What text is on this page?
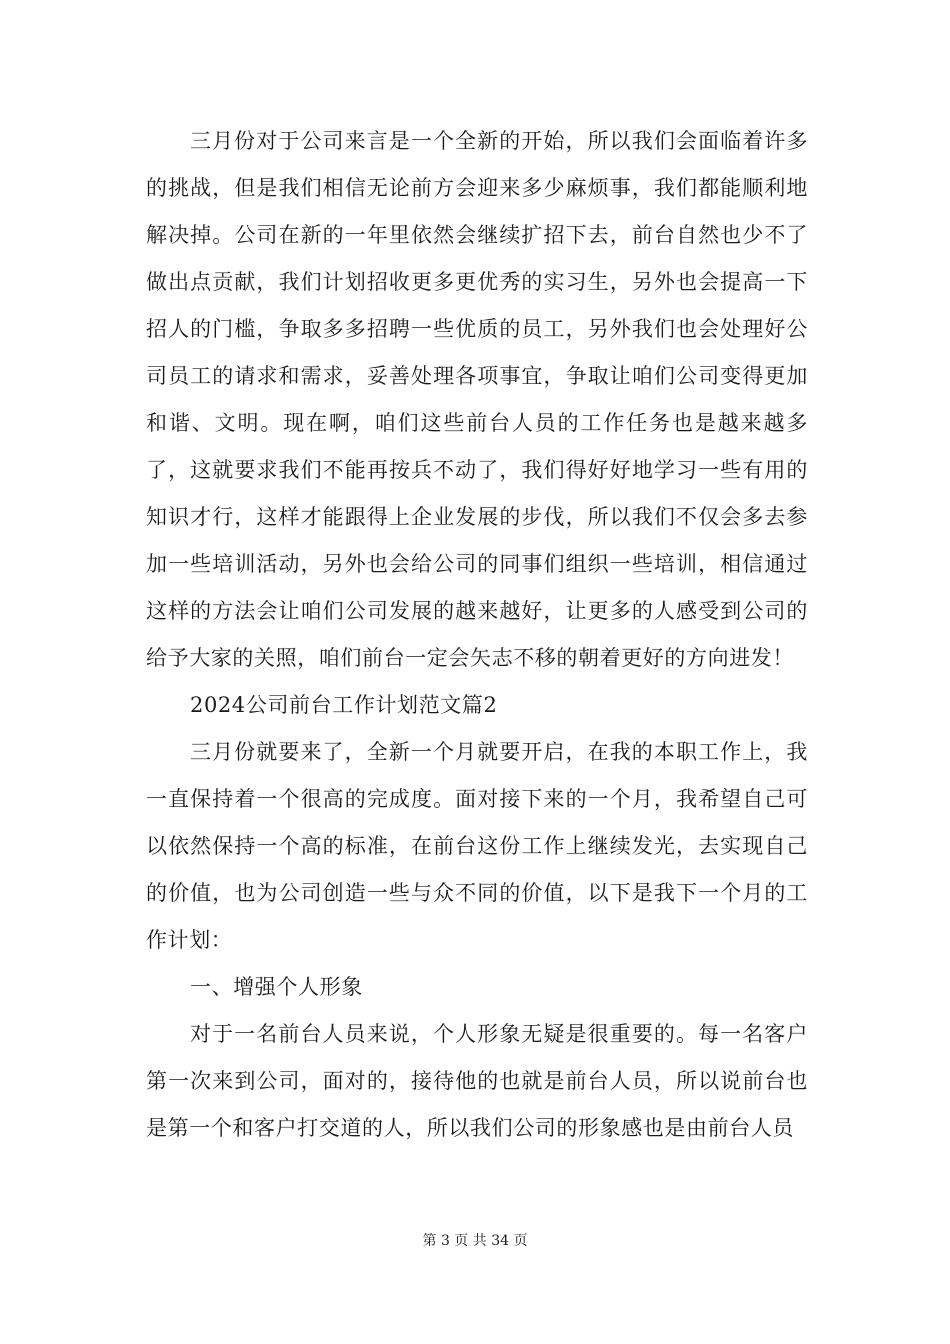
三月份对于公司来言是一个全新的开始，所以我们会面临着许多的挑战，但是我们相信无论前方会迎来多少麻烦事，我们都能顺利地解决掉。公司在新的一年里依然会继续扩招下去，前台自然也少不了做出点贡献，我们计划招收更多更优秀的实习生，另外也会提高一下招人的门槛，争取多多招聘一些优质的员工，另外我们也会处理好公司员工的请求和需求，妥善处理各项事宜，争取让咱们公司变得更加和谐、文明。现在啊，咱们这些前台人员的工作任务也是越来越多了，这就要求我们不能再按兵不动了，我们得好好地学习一些有用的知识才行，这样才能跟得上企业发展的步伐，所以我们不仅会多去参加一些培训活动，另外也会给公司的同事们组织一些培训，相信通过这样的方法会让咱们公司发展的越来越好，让更多的人感受到公司的给予大家的关照，咱们前台一定会矢志不移的朝着更好的方向进发！

2024公司前台工作计划范文篇2

三月份就要来了，全新一个月就要开启，在我的本职工作上，我一直保持着一个很高的完成度。面对接下来的一个月，我希望自己可以依然保持一个高的标准，在前台这份工作上继续发光，去实现自己的价值，也为公司创造一些与众不同的价值，以下是我下一个月的工作计划：

一、增强个人形象

对于一名前台人员来说，个人形象无疑是很重要的。每一名客户第一次来到公司，面对的，接待他的也就是前台人员，所以说前台也是第一个和客户打交道的人，所以我们公司的形象感也是由前台人员

第 3 页 共 34 页
